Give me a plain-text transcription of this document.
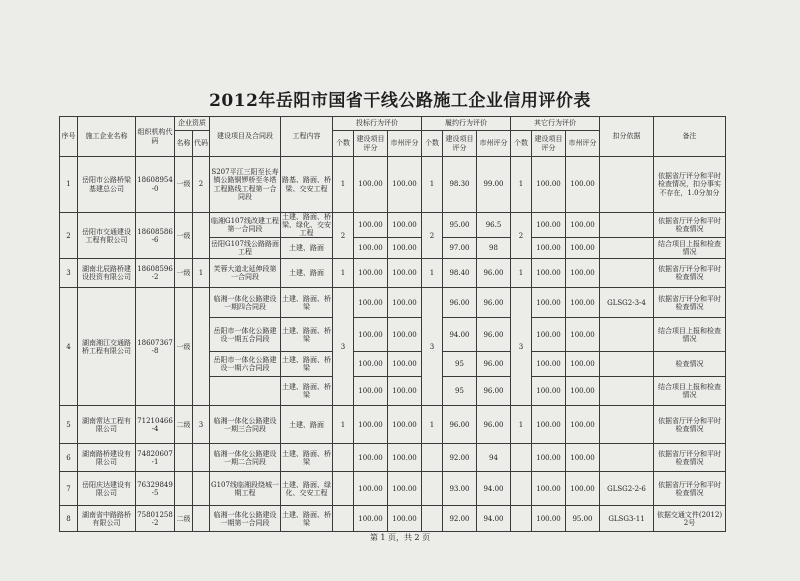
2012年岳阳市国省干线公路施工企业信用评价表
序号	施工企业名称	组织机构代码	企业资质		建设项目及合同段	工程内容	投标行为评价			履约行为评价			其它行为评价			扣分依据	备注
			名称	代码			个数	建设项目评分	市州评分	个数	建设项目评分	市州评分	个数	建设项目评分	市州评分		
1	岳阳市公路桥梁基建总公司	18608954-0	一级	2	S207平江三阳至长寿镇公路铜锣桥至冬塔工程路线工程第一合同段	路基、路面、桥梁、交安工程	1	100.00	100.00	1	98.30	99.00	1	100.00	100.00		依据省厅评分和平时检查情况，扣分事实不存在，1.0分加分
2	岳阳市交通建设工程有限公司	18608586-6	一级		临湘G107线改建工程第一合同段	土建、路面、桥梁、绿化、交安工程	2	100.00	100.00	2	95.00	96.5	2	100.00	100.00		依据省厅评分和平时检查情况
					岳阳G107线公路路面工程	土建、路面		100.00	100.00		97.00	98		100.00	100.00		结合项目上报和检查情况
3	湖南北辰路桥建设投资有限公司	18608596-2	一级	1	芙蓉大道北延伸段第一合同段	土建、路面	1	100.00	100.00	1	98.40	96.00	1	100.00	100.00		依据省厅评分和平时检查情况
4	湖南湘江交通路桥工程有限公司	18607367-8	一级		临湘一体化公路建设一期四合同段	土建、路面、桥梁	3	100.00	100.00	3	96.00	96.00	3	100.00	100.00	GLSG2-3-4	依据省厅评分和平时检查情况
					岳阳市一体化公路建设一期五合同段	土建、路面、桥梁		100.00	100.00		94.00	96.00		100.00	100.00		结合项目上报和检查情况
					岳阳市一体化公路建设一期六合同段	土建、路面、桥梁		100.00	100.00		95	96.00		100.00	100.00		检查情况
						土建、路面、桥梁		100.00	100.00		95	96.00		100.00	100.00		结合项目上报和检查情况
5	湖南常达工程有限公司	71210466-4	二级	3	临湘一体化公路建设一期三合同段	土建、路面	1	100.00	100.00	1	96.00	96.00	1	100.00	100.00		依据省厅评分和平时检查情况
6	湖南路桥建设有限公司	74820607-1			临湘一体化公路建设一期二合同段	土建、路面、桥梁		100.00	100.00		92.00	94		100.00	100.00		依据省厅评分和平时检查情况
7	岳阳庆达建设有限公司	76329849-5			G107线临湘段绕城一期工程	土建、路面、绿化、交安工程		100.00	100.00		93.00	94.00		100.00	100.00	GLSG2-2-6	依据省厅评分和平时检查情况
8	湖南省中路路桥有限公司	75801258-2	二级		临湘一体化公路建设一期第一合同段	土建、路面、桥梁		100.00	100.00		92.00	94.00		100.00	95.00	GLSG3-11	依据交通文件(2012)2号
第 1 页，共 2 页
